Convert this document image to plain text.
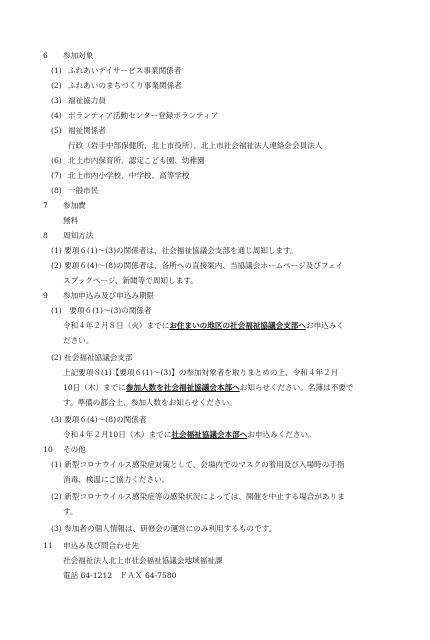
6 参加対象
(1) ふれあいデイサービス事業関係者
(2) ふれあいのまちづくり事業関係者
(3) 福祉協力員
(4) ボランティア活動センター登録ボランティア
(5) 福祉関係者
行政（岩手中部保健所、北上市役所）、北上市社会福祉法人連絡会会員法人
(6) 北上市内保育所、認定こども園、幼稚園
(7) 北上市内小学校、中学校、高等学校
(8) 一般市民
7 参加費
無料
8 周知方法
(1) 要項６(1)～(3)の関係者は、社会福祉協議会支部を通じ周知します。
(2) 要項６(4)～(8)の関係者は、各所への直接案内、当協議会ホームページ及びフェイ
スブックページ、新聞等で周知します。
9 参加申込み及び申込み期限
(1)　要項６(1)～(3)の関係者
令和４年２月８日（火）までにお住まいの地区の社会福祉協議会支部へお申込みく
ださい。
(2) 社会福祉協議会支部
上記要項８(1)【要項６(1)～(3)】の参加対象者を取りまとめの上、令和４年２月
10日（木）までに参加人数を社会福祉協議会本部へお知らせください。名簿は不要で
す。準備の都合上、参加人数をお知らせください。
(3) 要項６(4)～(8)の関係者
令和４年２月10日（木）までに社会福祉協議会本部へお申込みください。
10 その他
(1) 新型コロナウイルス感染症対策として、会場内でのマスクの着用及び入場時の手指
消毒、検温にご協力ください。
(2) 新型コロナウイルス感染症等の感染状況によっては、開催を中止する場合がありま
す。
(3) 参加者の個人情報は、研修会の運営にのみ利用するものです。
11 申込み及び問合わせ先
社会福祉法人北上市社会福祉協議会地域福祉課
電話 64-1212　ＦＡＸ 64-7580
